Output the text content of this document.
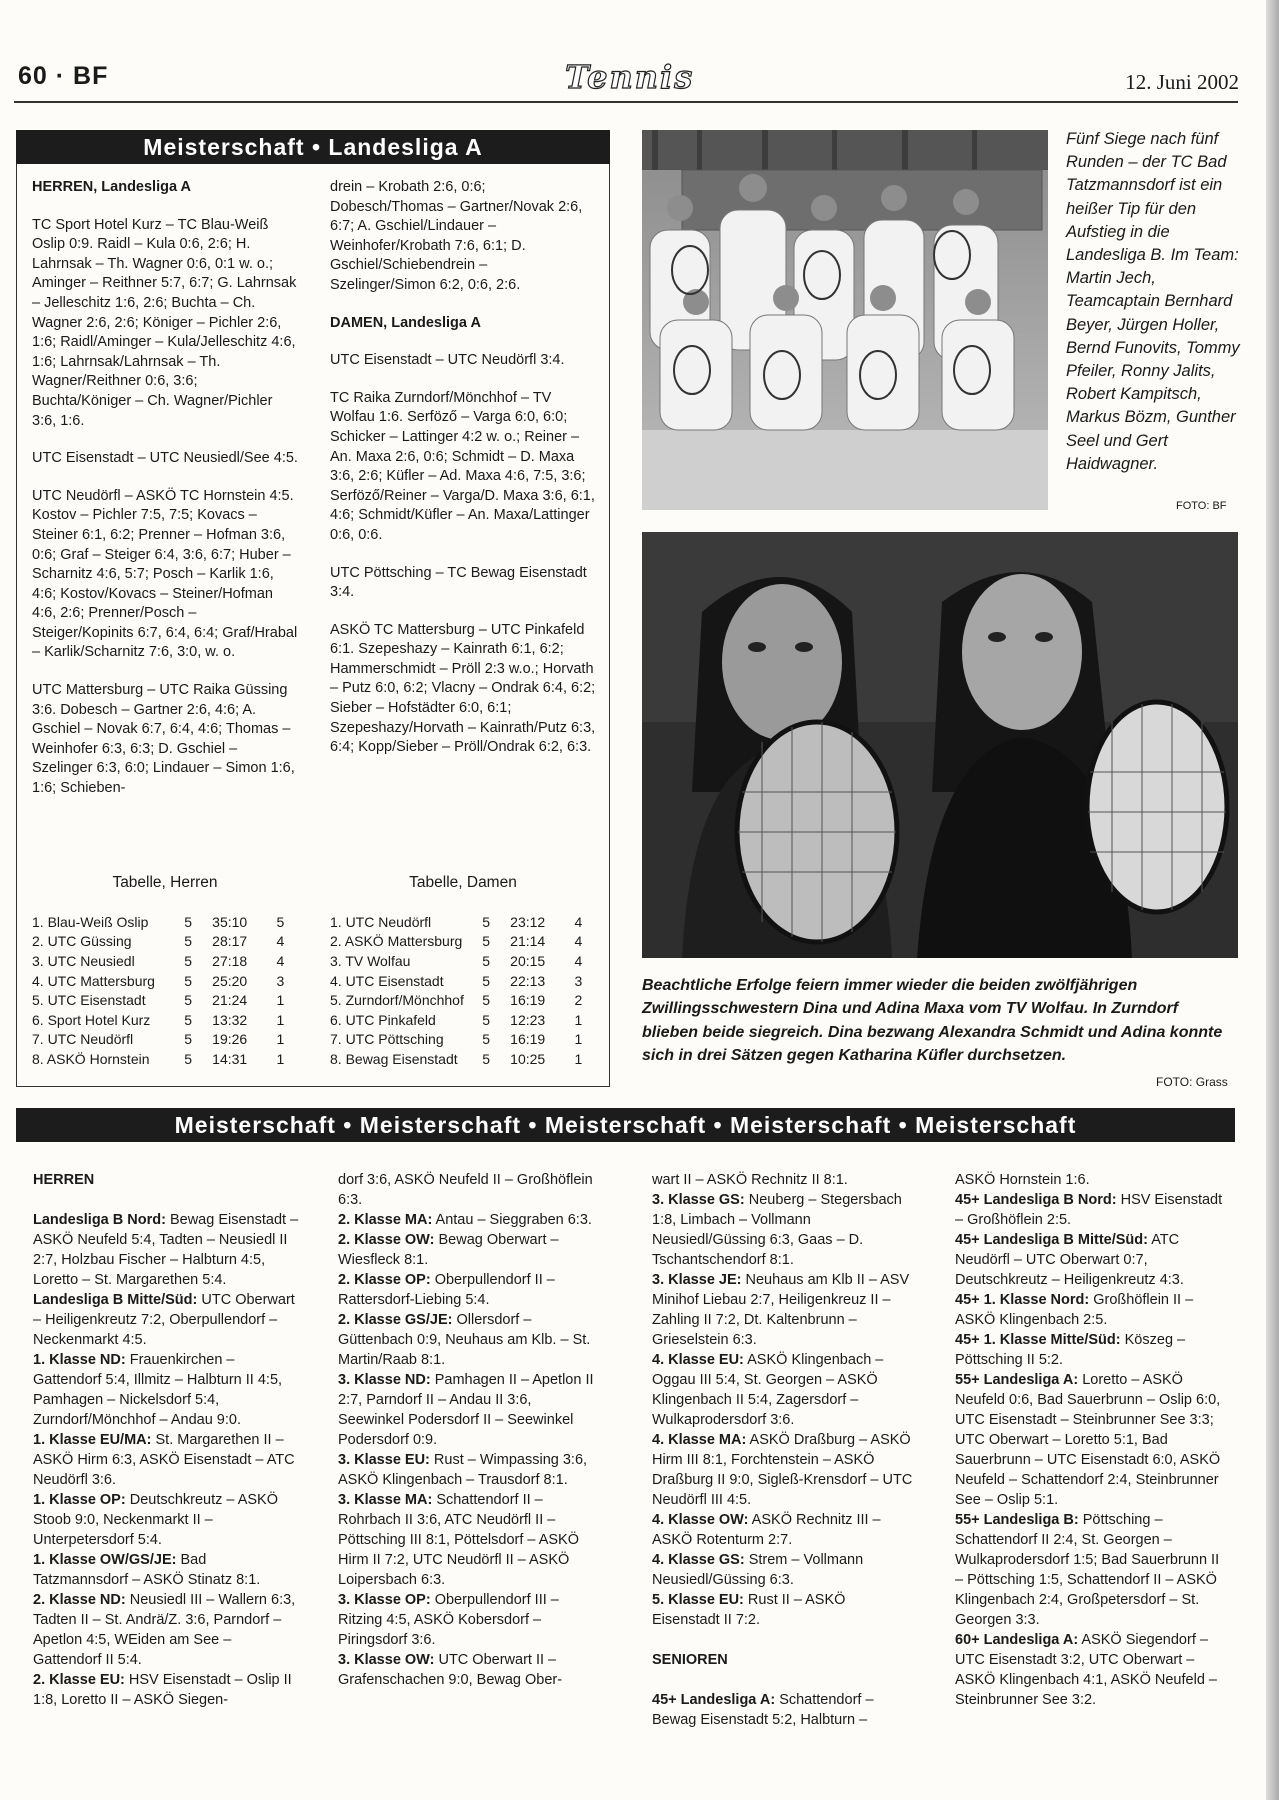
60 · BF	Tennis	12. Juni 2002
Meisterschaft • Landesliga A

HERREN, Landesliga A

TC Sport Hotel Kurz – TC Blau-Weiß Oslip 0:9. Raidl – Kula 0:6, 2:6; H. Lahrnsak – Th. Wagner 0:6, 0:1 w. o.; Aminger – Reithner 5:7, 6:7; G. Lahrnsak – Jelleschitz 1:6, 2:6; Buchta – Ch. Wagner 2:6, 2:6; Königer – Pichler 2:6, 1:6; Raidl/Aminger – Kula/Jelleschitz 4:6, 1:6; Lahrnsak/Lahrnsak – Th. Wagner/Reithner 0:6, 3:6; Buchta/Königer – Ch. Wagner/Pichler 3:6, 1:6.

UTC Eisenstadt – UTC Neusiedl/See 4:5.

UTC Neudörfl – ASKÖ TC Hornstein 4:5. Kostov – Pichler 7:5, 7:5; Kovacs – Steiner 6:1, 6:2; Prenner – Hofman 3:6, 0:6; Graf – Steiger 6:4, 3:6, 6:7; Huber – Scharnitz 4:6, 5:7; Posch – Karlik 1:6, 4:6; Kostov/Kovacs – Steiner/Hofman 4:6, 2:6; Prenner/Posch – Steiger/Kopinits 6:7, 6:4, 6:4; Graf/Hrabal – Karlik/Scharnitz 7:6, 3:0, w. o.

UTC Mattersburg – UTC Raika Güssing 3:6. Dobesch – Gartner 2:6, 4:6; A. Gschiel – Novak 6:7, 6:4, 4:6; Thomas – Weinhofer 6:3, 6:3; D. Gschiel – Szelinger 6:3, 6:0; Lindauer – Simon 1:6, 1:6; Schieben-

drein – Krobath 2:6, 0:6; Dobesch/Thomas – Gartner/Novak 2:6, 6:7; A. Gschiel/Lindauer – Weinhofer/Krobath 7:6, 6:1; D. Gschiel/Schiebendrein – Szelinger/Simon 6:2, 0:6, 2:6.

DAMEN, Landesliga A

UTC Eisenstadt – UTC Neudörfl 3:4.

TC Raika Zurndorf/Mönchhof – TV Wolfau 1:6. Serföző – Varga 6:0, 6:0; Schicker – Lattinger 4:2 w. o.; Reiner – An. Maxa 2:6, 0:6; Schmidt – D. Maxa 3:6, 2:6; Küfler – Ad. Maxa 4:6, 7:5, 3:6; Serföző/Reiner – Varga/D. Maxa 3:6, 6:1, 4:6; Schmidt/Küfler – An. Maxa/Lattinger 0:6, 0:6.

UTC Pöttsching – TC Bewag Eisenstadt 3:4.

ASKÖ TC Mattersburg – UTC Pinkafeld 6:1. Szepeshazy – Kainrath 6:1, 6:2; Hammerschmidt – Pröll 2:3 w.o.; Horvath – Putz 6:0, 6:2; Vlacny – Ondrak 6:4, 6:2; Sieber – Hofstädter 6:0, 6:1; Szepeshazy/Horvath – Kainrath/Putz 6:3, 6:4; Kopp/Sieber – Pröll/Ondrak 6:2, 6:3.

Tabelle, Herren	Tabelle, Damen
1. Blau-Weiß Oslip	5	35:10	5
2. UTC Güssing	5	28:17	4
3. UTC Neusiedl	5	27:18	4
4. UTC Mattersburg	5	25:20	3
5. UTC Eisenstadt	5	21:24	1
6. Sport Hotel Kurz	5	13:32	1
7. UTC Neudörfl	5	19:26	1
8. ASKÖ Hornstein	5	14:31	1
1. UTC Neudörfl	5	23:12	4
2. ASKÖ Mattersburg	5	21:14	4
3. TV Wolfau	5	20:15	4
4. UTC Eisenstadt	5	22:13	3
5. Zurndorf/Mönchhof	5	16:19	2
6. UTC Pinkafeld	5	12:23	1
7. UTC Pöttsching	5	16:19	1
8. Bewag Eisenstadt	5	10:25	1
Fünf Siege nach fünf Runden – der TC Bad Tatzmannsdorf ist ein heißer Tip für den Aufstieg in die Landesliga B. Im Team: Martin Jech, Teamcaptain Bernhard Beyer, Jürgen Holler, Bernd Funovits, Tommy Pfeiler, Ronny Jalits, Robert Kampitsch, Markus Bözm, Gunther Seel und Gert Haidwagner.
FOTO: BF
Beachtliche Erfolge feiern immer wieder die beiden zwölfjährigen Zwillingsschwestern Dina und Adina Maxa vom TV Wolfau. In Zurndorf blieben beide siegreich. Dina bezwang Alexandra Schmidt und Adina konnte sich in drei Sätzen gegen Katharina Küfler durchsetzen.
FOTO: Grass
Meisterschaft • Meisterschaft • Meisterschaft • Meisterschaft • Meisterschaft

HERREN

Landesliga B Nord: Bewag Eisenstadt – ASKÖ Neufeld 5:4, Tadten – Neusiedl II 2:7, Holzbau Fischer – Halbturn 4:5, Loretto – St. Margarethen 5:4.

Landesliga B Mitte/Süd: UTC Oberwart – Heiligenkreutz 7:2, Oberpullendorf – Neckenmarkt 4:5.

1. Klasse ND: Frauenkirchen – Gattendorf 5:4, Illmitz – Halbturn II 4:5, Pamhagen – Nickelsdorf 5:4, Zurndorf/Mönchhof – Andau 9:0.

1. Klasse EU/MA: St. Margarethen II – ASKÖ Hirm 6:3, ASKÖ Eisenstadt – ATC Neudörfl 3:6.

1. Klasse OP: Deutschkreutz – ASKÖ Stoob 9:0, Neckenmarkt II – Unterpetersdorf 5:4.

1. Klasse OW/GS/JE: Bad Tatzmannsdorf – ASKÖ Stinatz 8:1.

2. Klasse ND: Neusiedl III – Wallern 6:3, Tadten II – St. Andrä/Z. 3:6, Parndorf – Apetlon 4:5, WEiden am See – Gattendorf II 5:4.

2. Klasse EU: HSV Eisenstadt – Oslip II 1:8, Loretto II – ASKÖ Siegen-

dorf 3:6, ASKÖ Neufeld II – Großhöflein 6:3.

2. Klasse MA: Antau – Sieggraben 6:3.

2. Klasse OW: Bewag Oberwart – Wiesfleck 8:1.

2. Klasse OP: Oberpullendorf II – Rattersdorf-Liebing 5:4.

2. Klasse GS/JE: Ollersdorf – Güttenbach 0:9, Neuhaus am Klb. – St. Martin/Raab 8:1.

3. Klasse ND: Pamhagen II – Apetlon II 2:7, Parndorf II – Andau II 3:6, Seewinkel Podersdorf II – Seewinkel Podersdorf 0:9.

3. Klasse EU: Rust – Wimpassing 3:6, ASKÖ Klingenbach – Trausdorf 8:1.

3. Klasse MA: Schattendorf II – Rohrbach II 3:6, ATC Neudörfl II – Pöttsching III 8:1, Pöttelsdorf – ASKÖ Hirm II 7:2, UTC Neudörfl II – ASKÖ Loipersbach 6:3.

3. Klasse OP: Oberpullendorf III – Ritzing 4:5, ASKÖ Kobersdorf – Piringsdorf 3:6.

3. Klasse OW: UTC Oberwart II – Grafenschachen 9:0, Bewag Ober-

wart II – ASKÖ Rechnitz II 8:1.

3. Klasse GS: Neuberg – Stegersbach 1:8, Limbach – Vollmann Neusiedl/Güssing 6:3, Gaas – D. Tschantschendorf 8:1.

3. Klasse JE: Neuhaus am Klb II – ASV Minihof Liebau 2:7, Heiligenkreuz II – Zahling II 7:2, Dt. Kaltenbrunn – Grieselstein 6:3.

4. Klasse EU: ASKÖ Klingenbach – Oggau III 5:4, St. Georgen – ASKÖ Klingenbach II 5:4, Zagersdorf – Wulkaprodersdorf 3:6.

4. Klasse MA: ASKÖ Draßburg – ASKÖ Hirm III 8:1, Forchtenstein – ASKÖ Draßburg II 9:0, Sigleß-Krensdorf – UTC Neudörfl III 4:5.

4. Klasse OW: ASKÖ Rechnitz III – ASKÖ Rotenturm 2:7.

4. Klasse GS: Strem – Vollmann Neusiedl/Güssing 6:3.

5. Klasse EU: Rust II – ASKÖ Eisenstadt II 7:2.

SENIOREN

45+ Landesliga A: Schattendorf – Bewag Eisenstadt 5:2, Halbturn –

ASKÖ Hornstein 1:6.

45+ Landesliga B Nord: HSV Eisenstadt – Großhöflein 2:5.

45+ Landesliga B Mitte/Süd: ATC Neudörfl – UTC Oberwart 0:7, Deutschkreutz – Heiligenkreutz 4:3.

45+ 1. Klasse Nord: Großhöflein II – ASKÖ Klingenbach 2:5.

45+ 1. Klasse Mitte/Süd: Köszeg – Pöttsching II 5:2.

55+ Landesliga A: Loretto – ASKÖ Neufeld 0:6, Bad Sauerbrunn – Oslip 6:0, UTC Eisenstadt – Steinbrunner See 3:3; UTC Oberwart – Loretto 5:1, Bad Sauerbrunn – UTC Eisenstadt 6:0, ASKÖ Neufeld – Schattendorf 2:4, Steinbrunner See – Oslip 5:1.

55+ Landesliga B: Pöttsching – Schattendorf II 2:4, St. Georgen – Wulkaprodersdorf 1:5; Bad Sauerbrunn II – Pöttsching 1:5, Schattendorf II – ASKÖ Klingenbach 2:4, Großpetersdorf – St. Georgen 3:3.

60+ Landesliga A: ASKÖ Siegendorf – UTC Eisenstadt 3:2, UTC Oberwart – ASKÖ Klingenbach 4:1, ASKÖ Neufeld – Steinbrunner See 3:2.
